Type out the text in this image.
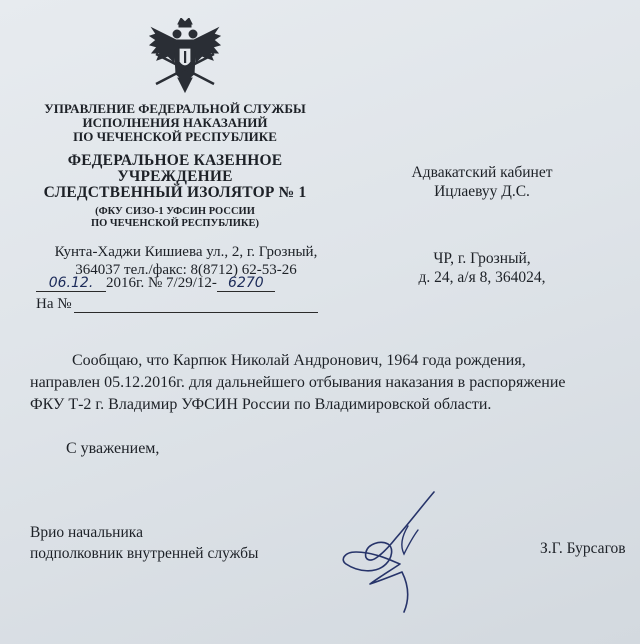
УПРАВЛЕНИЕ ФЕДЕРАЛЬНОЙ СЛУЖБЫ
ИСПОЛНЕНИЯ НАКАЗАНИЙ
ПО ЧЕЧЕНСКОЙ РЕСПУБЛИКЕ
ФЕДЕРАЛЬНОЕ КАЗЕННОЕ
УЧРЕЖДЕНИЕ
СЛЕДСТВЕННЫЙ ИЗОЛЯТОР № 1
(ФКУ СИЗО-1 УФСИН РОССИИ
ПО ЧЕЧЕНСКОЙ РЕСПУБЛИКЕ)
Кунта-Хаджи Кишиева ул., 2, г. Грозный,
364037 тел./факс: 8(8712) 62-53-26
06.12. 2016г. № 7/29/12- 6270
На №
Адвакатский кабинет
Ицлаевуу Д.С.
ЧР, г. Грозный,
д. 24, а/я 8, 364024,
Сообщаю, что Карпюк Николай Андронович, 1964 года рождения,
направлен 05.12.2016г. для дальнейшего отбывания наказания в распоряжение
ФКУ Т-2 г. Владимир УФСИН России по Владимировской области.
С уважением,
Врио начальника
подполковник внутренней службы	З.Г. Бурсагов
